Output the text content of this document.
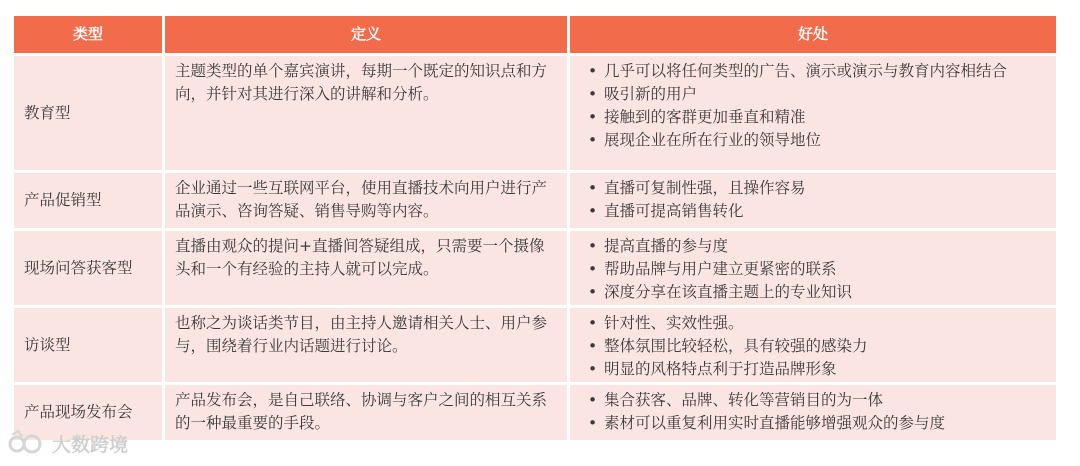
类型	定义	好处
教育型
主题类型的单个嘉宾演讲，每期一个既定的知识点和方向，并针对其进行深入的讲解和分析。
• 几乎可以将任何类型的广告、演示或演示与教育内容相结合
• 吸引新的用户
• 接触到的客群更加垂直和精准
• 展现企业在所在行业的领导地位
产品促销型
企业通过一些互联网平台，使用直播技术向用户进行产品演示、咨询答疑、销售导购等内容。
• 直播可复制性强，且操作容易
• 直播可提高销售转化
现场问答获客型
直播由观众的提问+直播间答疑组成，只需要一个摄像头和一个有经验的主持人就可以完成。
• 提高直播的参与度
• 帮助品牌与用户建立更紧密的联系
• 深度分享在该直播主题上的专业知识
访谈型
也称之为谈话类节目，由主持人邀请相关人士、用户参与，围绕着行业内话题进行讨论。
• 针对性、实效性强。
• 整体氛围比较轻松，具有较强的感染力
• 明显的风格特点利于打造品牌形象
产品现场发布会
产品发布会，是自己联络、协调与客户之间的相互关系的一种最重要的手段。
• 集合获客、品牌、转化等营销目的为一体
• 素材可以重复利用实时直播能够增强观众的参与度
大数跨境
